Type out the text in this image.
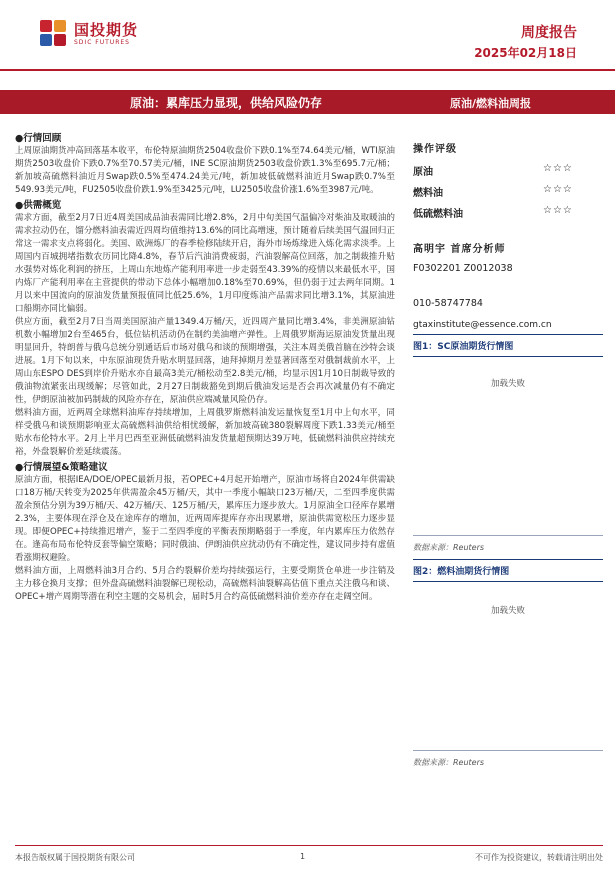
国投期货
SDIC FUTURES
周度报告
2025年02月18日
原油：累库压力显现，供给风险仍存	原油/燃料油周报
●行情回顾

上周原油期货冲高回落基本收平，布伦特原油期货2504收盘价下跌0.1%至74.64美元/桶，WTI原油期货2503收盘价下跌0.7%至70.57美元/桶，INE SC原油期货2503收盘价跌1.3%至695.7元/桶；新加坡高硫燃料油近月Swap跌0.5%至474.24美元/吨，新加坡低硫燃料油近月Swap跌0.7%至549.93美元/吨，FU2505收盘价跌1.9%至3425元/吨，LU2505收盘价涨1.6%至3987元/吨。

●供需概览

需求方面，截至2月7日近4周美国成品油表需同比增2.8%，2月中旬美国气温偏冷对柴油及取暖油的需求拉动仍在，馏分燃料油表需近四周均值维持13.6%的同比高增速，预计随着后续美国气温回归正常这一需求支点将弱化。美国、欧洲炼厂的春季检修陆续开启，海外市场炼缘进入炼化需求淡季。上周国内百城拥堵指数农历同比降4.8%，春节后汽油消费疲弱，汽油裂解高位回落，加之制裁推升贴水强势对炼化利润的挤压，上周山东地炼产能利用率进一步走弱至43.39%的疫情以来最低水平，国内炼厂产能利用率在主营提供的带动下总体小幅增加0.18%至70.69%，但仍弱于过去两年同期。1月以来中国流向的原油发货量预报值同比低25.6%，1月印度炼油产品需求同比增3.1%，其原油进口船期亦同比偏弱。

供应方面，截至2月7日当周美国原油产量1349.4万桶/天，近四周产量同比增3.4%，非美洲原油钻机数小幅增加2台至465台，低位钻机活动仍在制约美油增产弹性。上周俄罗斯海运原油发货量出现明显回升，特朗普与俄乌总统分别通话后市场对俄乌和谈的预期增强，关注本周美俄首脑在沙特会谈进展。1月下旬以来，中东原油现货升贴水明显回落，迪拜掉期月差显著回落至对俄制裁前水平，上周山东ESPO DES到岸价升贴水亦自最高3美元/桶松动至2.8美元/桶，均显示因1月10日制裁导致的俄油物流紧张出现缓解；尽管如此，2月27日制裁豁免到期后俄油发运是否会再次减量仍有不确定性，伊朗原油被加码制裁的风险亦存在，原油供应端减量风险仍存。

燃料油方面，近两周全球燃料油库存持续增加，上周俄罗斯燃料油发运量恢复至1月中上旬水平，同样受俄乌和谈预期影响亚太高硫燃料油供给相忧缓解，新加坡高硫380裂解周度下跌1.33美元/桶至贴水布伦特水平。2月上半月巴西至亚洲低硫燃料油发货量超预期达39万吨，低硫燃料油供应持续充裕，外盘裂解价差延续震荡。

●行情展望&策略建议

原油方面，根据IEA/DOE/OPEC最新月报，若OPEC+4月起开始增产，原油市场将自2024年供需缺口18万桶/天转变为2025年供需盈余45万桶/天，其中一季度小幅缺口23万桶/天，二至四季度供需盈余预估分别为39万桶/天、42万桶/天、125万桶/天，累库压力逐步放大。1月原油全口径库存累增2.3%，主要体现在浮仓及在途库存的增加，近两周库提库存亦出现累增，原油供需宽松压力逐步显现。即便OPEC+持续推迟增产，鉴于二至四季度的平衡表预期略弱于一季度，年内累库压力依然存在。逢高布局布伦特反套等偏空策略；同时俄油、伊朗油供应扰动仍有不确定性，建议同步持有虚值看涨期权避险。

燃料油方面，上周燃料油3月合约、5月合约裂解价差均持续强运行，主要受期货仓单进一步注销及主力移仓换月支撑；但外盘高硫燃料油裂解已现松动，高硫燃料油裂解高估值下重点关注俄乌和谈、OPEC+增产周期等潜在利空主题的交易机会，届时5月合约高低硫燃料油价差亦存在走阔空间。

操作评级
原油	☆☆☆
燃料油	☆☆☆
低硫燃料油	☆☆☆
高明宇 首席分析师
F0302201 Z0012038
010-58747784
gtaxinstitute@essence.com.cn
图1：SC原油期货行情图
加载失败
数据来源：Reuters
图2：燃料油期货行情图
加载失败
数据来源：Reuters
本报告版权属于国投期货有限公司	1	不可作为投资建议，转载请注明出处
